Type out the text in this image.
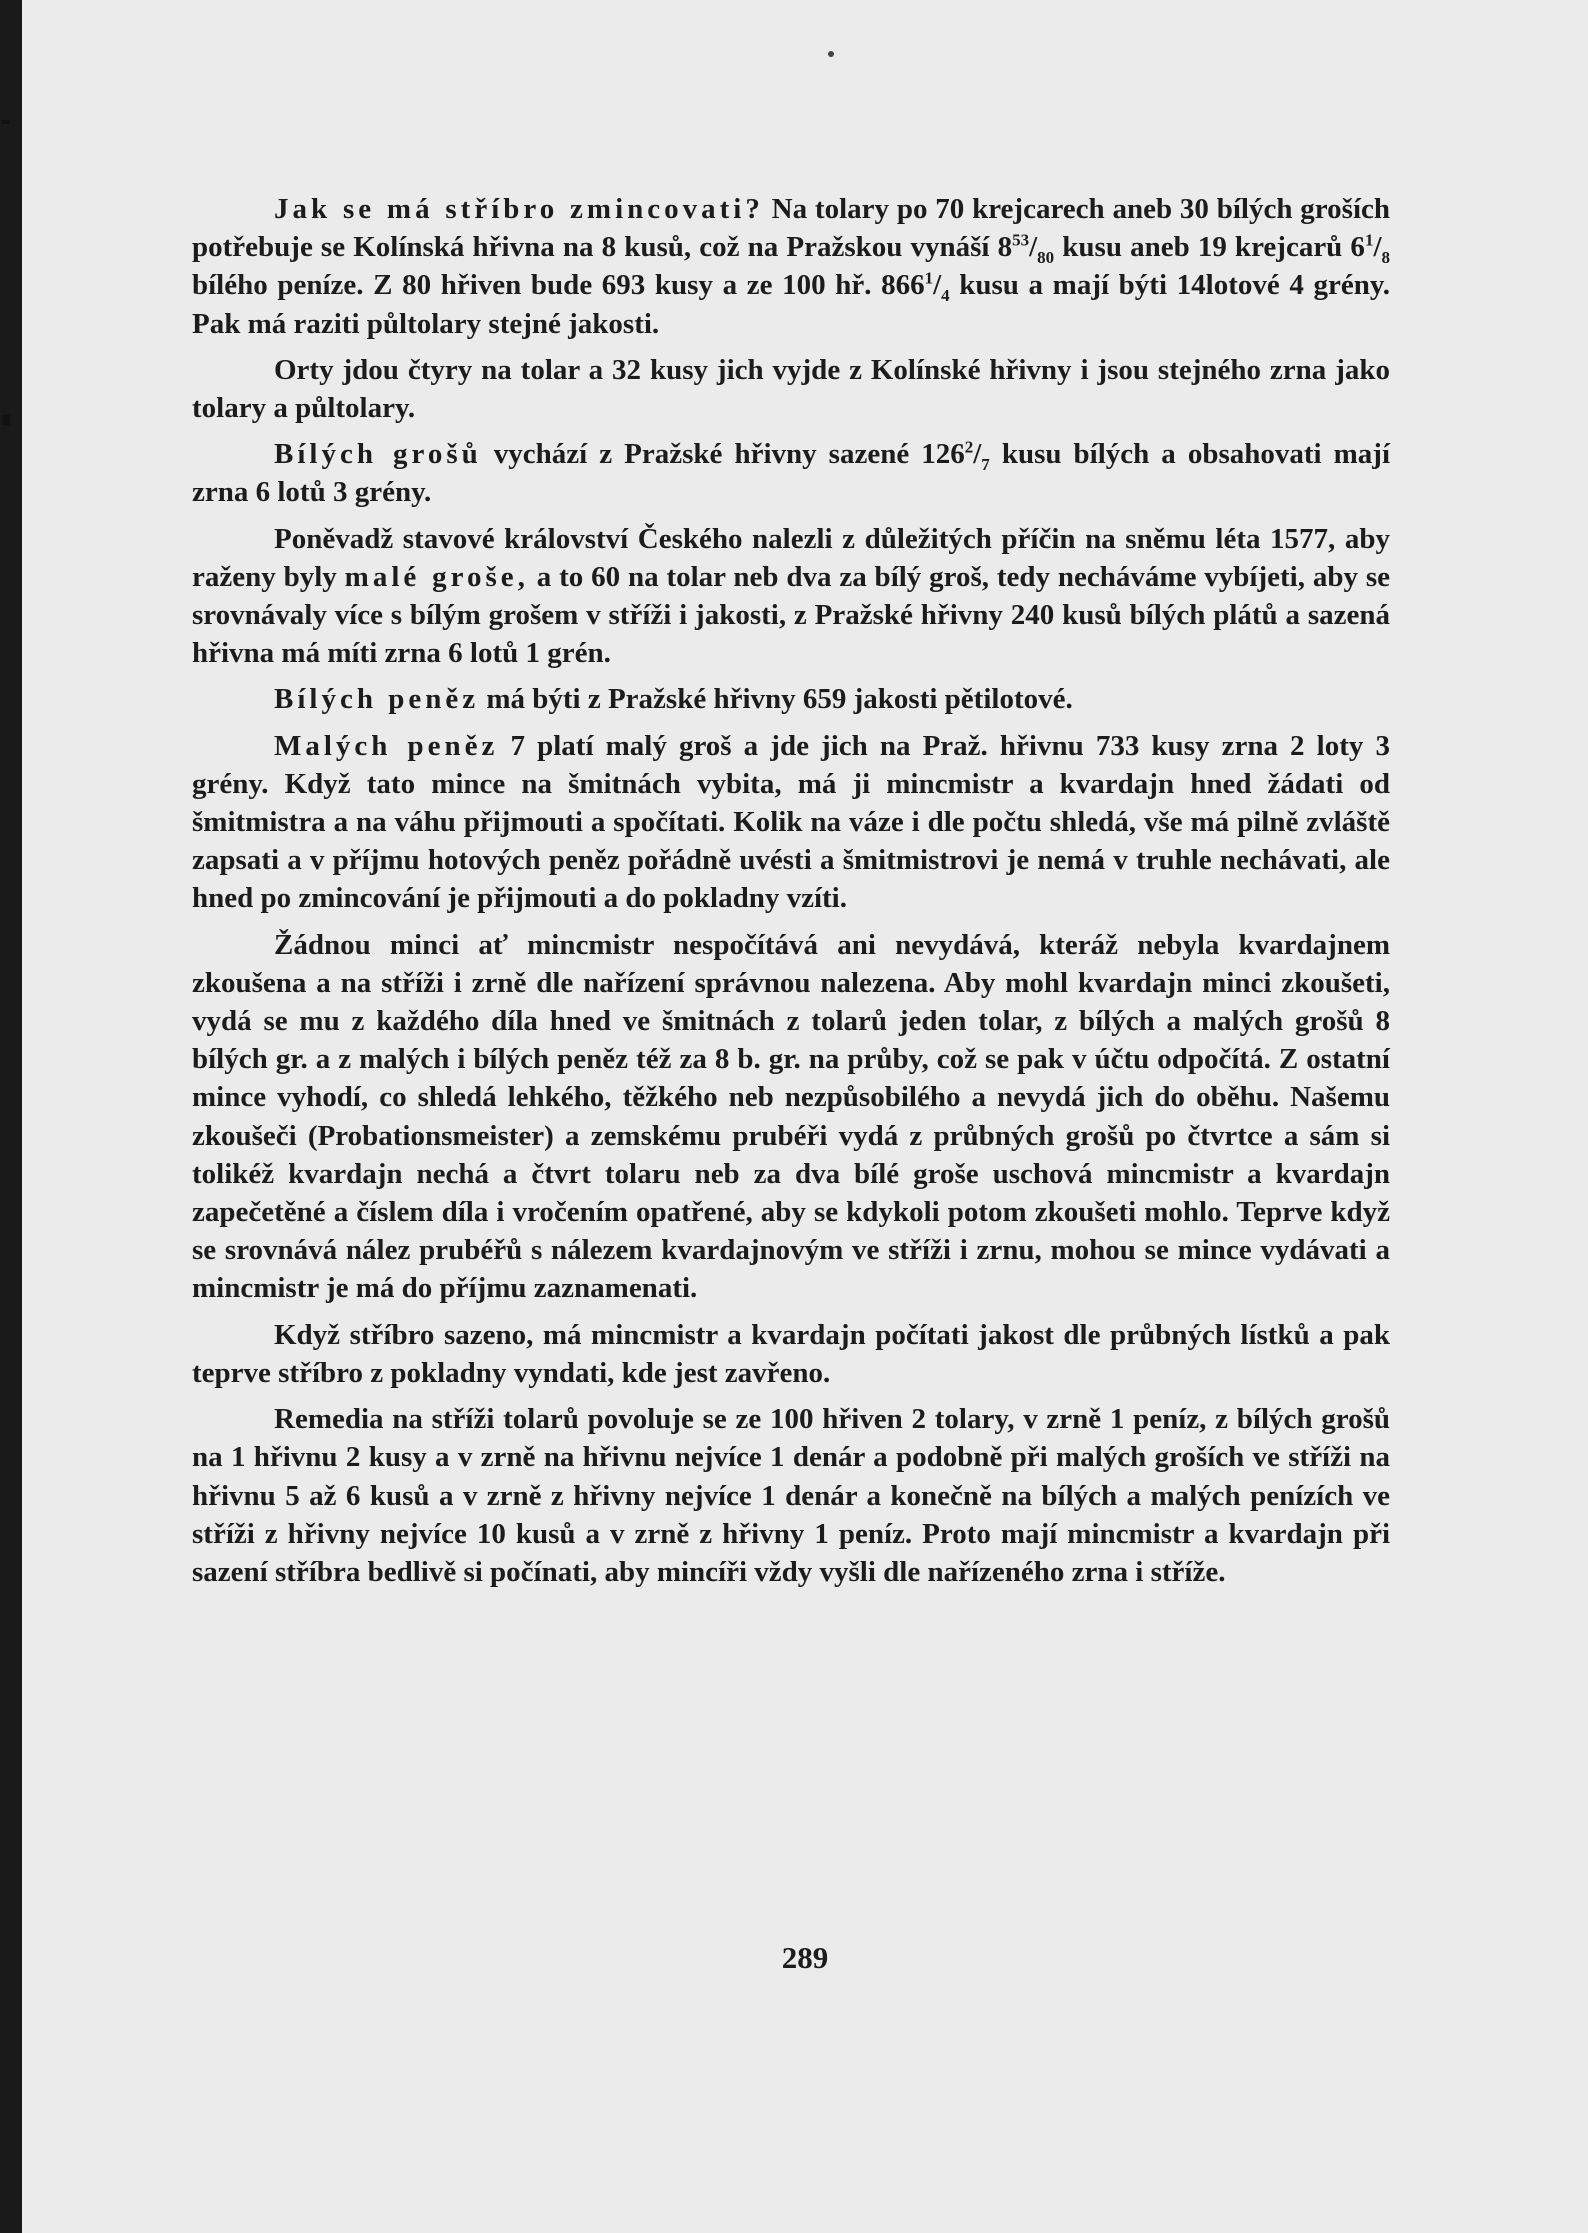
Jak se má stříbro zmincovati? Na tolary po 70 krejcarech aneb 30 bílých groších potřebuje se Kolínská hřivna na 8 kusů, což na Pražskou vynáší $8^{53}/_{80}$ kusu aneb 19 krejcarů $6^1/_8$ bílého peníze. Z 80 hřiven bude 693 kusy a ze 100 hř. $866^1/_4$ kusu a mají býti 14lotové 4 grény. Pak má raziti půltolary stejné jakosti.

Orty jdou čtyry na tolar a 32 kusy jich vyjde z Kolínské hřivny i jsou stejného zrna jako tolary a půltolary.

Bílých grošů vychází z Pražské hřivny sazené $126^2/_7$ kusu bílých a obsahovati mají zrna 6 lotů 3 grény.

Poněvadž stavové království Českého nalezli z důležitých příčin na sněmu léta 1577, aby raženy byly malé groše, a to 60 na tolar neb dva za bílý groš, tedy necháváme vybíjeti, aby se srovnávaly více s bílým grošem v stříži i jakosti, z Pražské hřivny 240 kusů bílých plátů a sazená hřivna má míti zrna 6 lotů 1 grén.

Bílých peněz má býti z Pražské hřivny 659 jakosti pětilotové.

Malých peněz 7 platí malý groš a jde jich na Praž. hřivnu 733 kusy zrna 2 loty 3 grény. Když tato mince na šmitnách vybita, má ji mincmistr a kvardajn hned žádati od šmitmistra a na váhu přijmouti a spočítati. Kolik na váze i dle počtu shledá, vše má pilně zvláště zapsati a v příjmu hotových peněz pořádně uvésti a šmitmistrovi je nemá v truhle nechávati, ale hned po zmincování je přijmouti a do pokladny vzíti.

Žádnou minci ať mincmistr nespočítává ani nevydává, kteráž nebyla kvardajnem zkoušena a na stříži i zrně dle nařízení správnou nalezena. Aby mohl kvardajn minci zkoušeti, vydá se mu z každého díla hned ve šmitnách z tolarů jeden tolar, z bílých a malých grošů 8 bílých gr. a z malých i bílých peněz též za 8 b. gr. na průby, což se pak v účtu odpočítá. Z ostatní mince vyhodí, co shledá lehkého, těžkého neb nezpůsobilého a nevydá jich do oběhu. Našemu zkoušeči (Probationsmeister) a zemskému prubéři vydá z průbných grošů po čtvrtce a sám si tolikéž kvardajn nechá a čtvrt tolaru neb za dva bílé groše uschová mincmistr a kvardajn zapečetěné a číslem díla i vročením opatřené, aby se kdykoli potom zkoušeti mohlo. Teprve když se srovnává nález prubéřů s nálezem kvardajnovým ve stříži i zrnu, mohou se mince vydávati a mincmistr je má do příjmu zaznamenati.

Když stříbro sazeno, má mincmistr a kvardajn počítati jakost dle průbných lístků a pak teprve stříbro z pokladny vyndati, kde jest zavřeno.

Remedia na stříži tolarů povoluje se ze 100 hřiven 2 tolary, v zrně 1 peníz, z bílých grošů na 1 hřivnu 2 kusy a v zrně na hřivnu nejvíce 1 denár a podobně při malých groších ve stříži na hřivnu 5 až 6 kusů a v zrně z hřivny nejvíce 1 denár a konečně na bílých a malých penízích ve stříži z hřivny nejvíce 10 kusů a v zrně z hřivny 1 peníz. Proto mají mincmistr a kvardajn při sazení stříbra bedlivě si počínati, aby mincíři vždy vyšli dle nařízeného zrna i stříže.

289
